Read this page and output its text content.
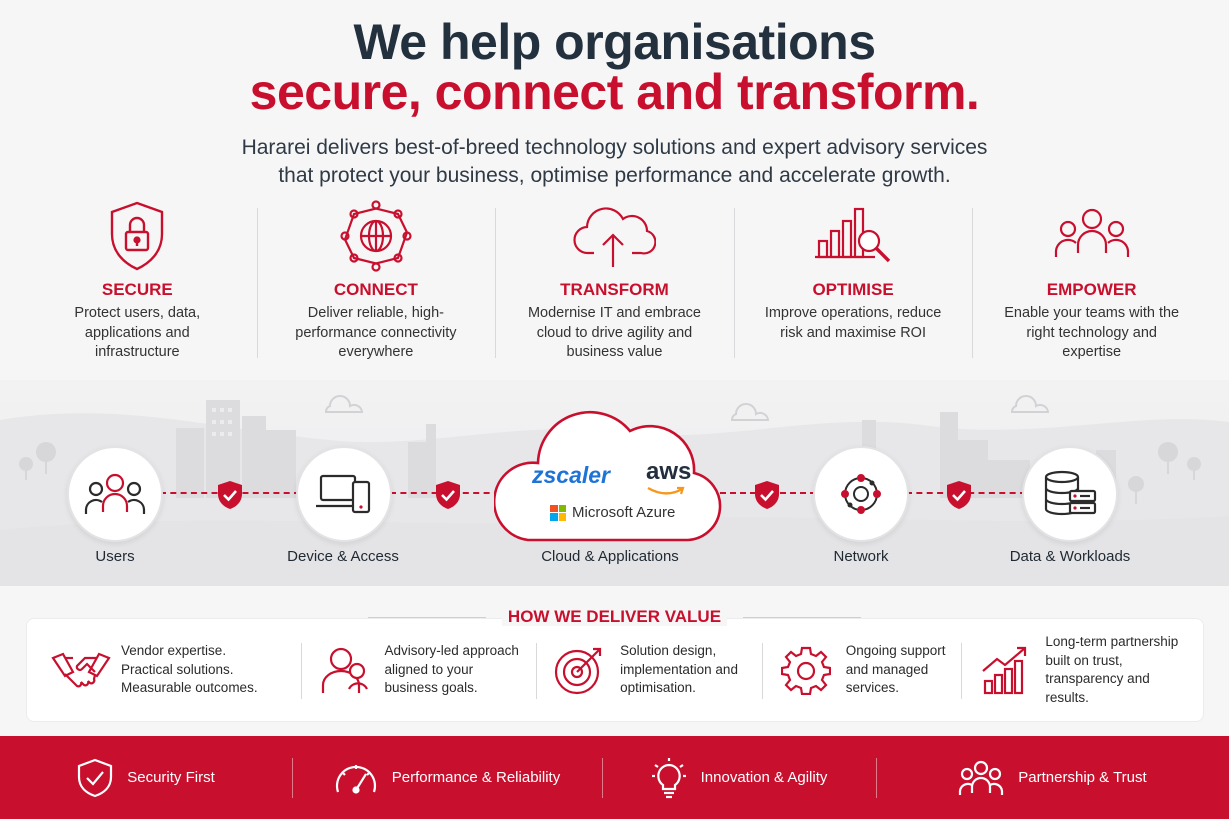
We help organisations
secure, connect and transform.

Hararei delivers best-of-breed technology solutions and expert advisory services
that protect your business, optimise performance and accelerate growth.

SECURE
Protect users, data, applications and infrastructure
CONNECT
Deliver reliable, high-performance connectivity everywhere
TRANSFORM
Modernise IT and embrace cloud to drive agility and business value
OPTIMISE
Improve operations, reduce risk and maximise ROI
EMPOWER
Enable your teams with the right technology and expertise
Users	Device & Access
zscaler aws
Microsoft Azure
Cloud & Applications	Network	Data & Workloads
Vendor expertise.
Practical solutions.
Measurable outcomes.
Advisory-led approach
aligned to your
business goals.
Solution design,
implementation and
optimisation.
Ongoing support
and managed
services.
Long-term partnership
built on trust,
transparency and results.
HOW WE DELIVER VALUE
Security First	Performance & Reliability	Innovation & Agility	Partnership & Trust
